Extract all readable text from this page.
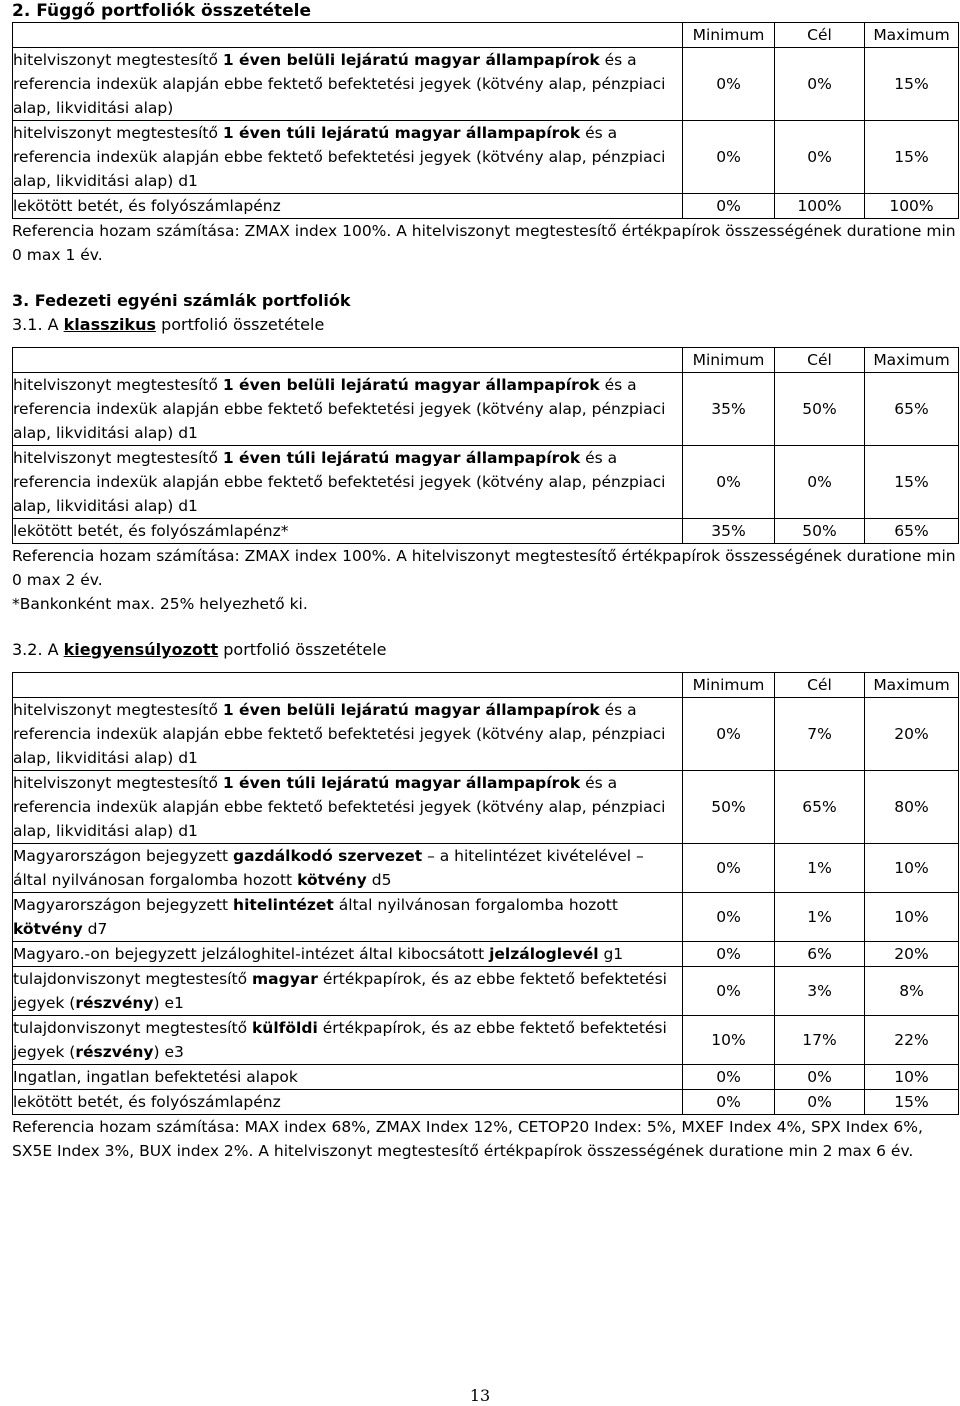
2. Függő portfoliók összetétele
	Minimum	Cél	Maximum
hitelviszonyt megtestesítő 1 éven belüli lejáratú magyar állampapírok és a referencia indexük alapján ebbe fektető befektetési jegyek (kötvény alap, pénzpiaci alap, likviditási alap)	0%	0%	15%
hitelviszonyt megtestesítő 1 éven túli lejáratú magyar állampapírok és a referencia indexük alapján ebbe fektető befektetési jegyek (kötvény alap, pénzpiaci alap, likviditási alap) d1	0%	0%	15%
lekötött betét, és folyószámlapénz	0%	100%	100%

Referencia hozam számítása: ZMAX index 100%. A hitelviszonyt megtestesítő értékpapírok összességének duratione min 0 max 1 év.

3. Fedezeti egyéni számlák portfoliók
3.1. A klasszikus portfolió összetétele
	Minimum	Cél	Maximum
hitelviszonyt megtestesítő 1 éven belüli lejáratú magyar állampapírok és a referencia indexük alapján ebbe fektető befektetési jegyek (kötvény alap, pénzpiaci alap, likviditási alap) d1	35%	50%	65%
hitelviszonyt megtestesítő 1 éven túli lejáratú magyar állampapírok és a referencia indexük alapján ebbe fektető befektetési jegyek (kötvény alap, pénzpiaci alap, likviditási alap) d1	0%	0%	15%
lekötött betét, és folyószámlapénz*	35%	50%	65%

Referencia hozam számítása: ZMAX index 100%. A hitelviszonyt megtestesítő értékpapírok összességének duratione min 0 max 2 év.

*Bankonként max. 25% helyezhető ki.

3.2. A kiegyensúlyozott portfolió összetétele
	Minimum	Cél	Maximum
hitelviszonyt megtestesítő 1 éven belüli lejáratú magyar állampapírok és a referencia indexük alapján ebbe fektető befektetési jegyek (kötvény alap, pénzpiaci alap, likviditási alap) d1	0%	7%	20%
hitelviszonyt megtestesítő 1 éven túli lejáratú magyar állampapírok és a referencia indexük alapján ebbe fektető befektetési jegyek (kötvény alap, pénzpiaci alap, likviditási alap) d1	50%	65%	80%
Magyarországon bejegyzett gazdálkodó szervezet – a hitelintézet kivételével – által nyilvánosan forgalomba hozott kötvény d5	0%	1%	10%
Magyarországon bejegyzett hitelintézet által nyilvánosan forgalomba hozott kötvény d7	0%	1%	10%
Magyaro.-on bejegyzett jelzáloghitel-intézet által kibocsátott jelzáloglevél g1	0%	6%	20%
tulajdonviszonyt megtestesítő magyar értékpapírok, és az ebbe fektető befektetési jegyek (részvény) e1	0%	3%	8%
tulajdonviszonyt megtestesítő külföldi értékpapírok, és az ebbe fektető befektetési jegyek (részvény) e3	10%	17%	22%
Ingatlan, ingatlan befektetési alapok	0%	0%	10%
lekötött betét, és folyószámlapénz	0%	0%	15%

Referencia hozam számítása: MAX index 68%, ZMAX Index 12%, CETOP20 Index: 5%, MXEF Index 4%, SPX Index 6%, SX5E Index 3%, BUX index 2%. A hitelviszonyt megtestesítő értékpapírok összességének duratione min 2 max 6 év.

13
